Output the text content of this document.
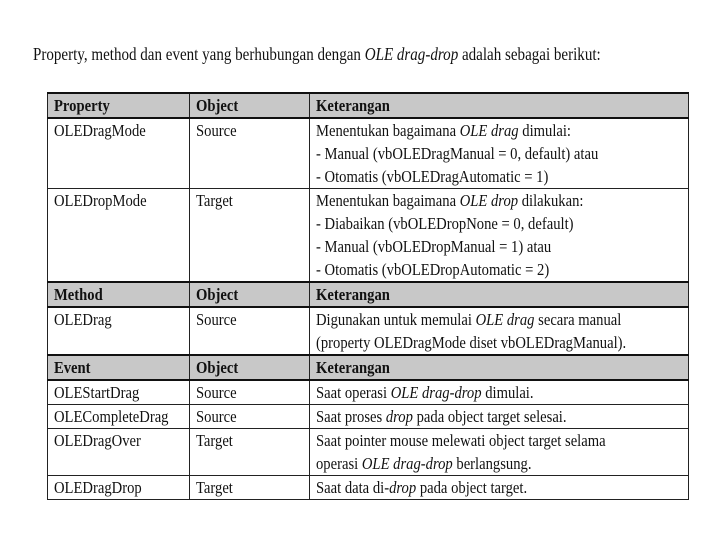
Property, method dan event yang berhubungan dengan OLE drag-drop adalah sebagai berikut:
Property	Object	Keterangan
OLEDragMode	Source	Menentukan bagaimana OLE drag dimulai:
- Manual (vbOLEDragManual = 0, default) atau
- Otomatis (vbOLEDragAutomatic = 1)

OLEDropMode	Target	Menentukan bagaimana OLE drop dilakukan:
- Diabaikan (vbOLEDropNone = 0, default)
- Manual (vbOLEDropManual = 1) atau
- Otomatis (vbOLEDropAutomatic = 2)

Method	Object	Keterangan
OLEDrag	Source	Digunakan untuk memulai OLE drag secara manual
(property OLEDragMode diset vbOLEDragManual).

Event	Object	Keterangan
OLEStartDrag	Source	Saat operasi OLE drag-drop dimulai.
OLECompleteDrag	Source	Saat proses drop pada object target selesai.
OLEDragOver	Target	Saat pointer mouse melewati object target selama
operasi OLE drag-drop berlangsung.

OLEDragDrop	Target	Saat data di-drop pada object target.
